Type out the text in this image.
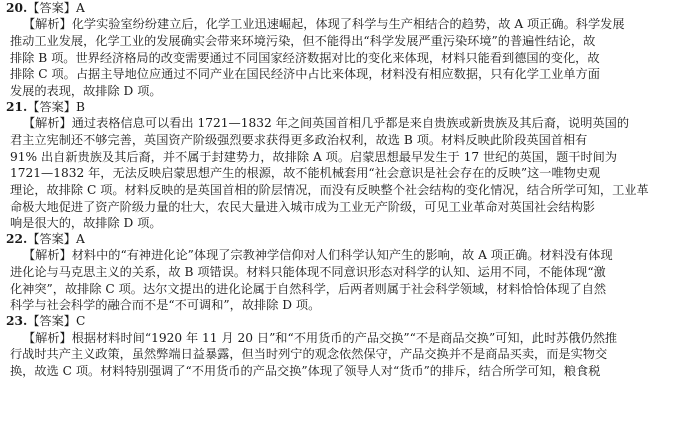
20.【答案】A
【解析】化学实验室纷纷建立后，化学工业迅速崛起，体现了科学与生产相结合的趋势，故 A 项正确。科学发展
推动工业发展，化学工业的发展确实会带来环境污染，但不能得出“科学发展严重污染环境”的普遍性结论，故
排除 B 项。世界经济格局的改变需要通过不同国家经济数据对比的变化来体现，材料只能看到德国的变化，故
排除 C 项。占据主导地位应通过不同产业在国民经济中占比来体现，材料没有相应数据，只有化学工业单方面
发展的表现，故排除 D 项。
21.【答案】B
【解析】通过表格信息可以看出 1721—1832 年之间英国首相几乎都是来自贵族或新贵族及其后裔，说明英国的
君主立宪制还不够完善，英国资产阶级强烈要求获得更多政治权利，故选 B 项。材料反映此阶段英国首相有
91% 出自新贵族及其后裔，并不属于封建势力，故排除 A 项。启蒙思想最早发生于 17 世纪的英国，题干时间为
1721—1832 年，无法反映启蒙思想产生的根源，故不能机械套用“社会意识是社会存在的反映”这一唯物史观
理论，故排除 C 项。材料反映的是英国首相的阶层情况，而没有反映整个社会结构的变化情况，结合所学可知，工业革
命极大地促进了资产阶级力量的壮大，农民大量进入城市成为工业无产阶级，可见工业革命对英国社会结构影
响是很大的，故排除 D 项。
22.【答案】A
【解析】材料中的“有神进化论”体现了宗教神学信仰对人们科学认知产生的影响，故 A 项正确。材料没有体现
进化论与马克思主义的关系，故 B 项错误。材料只能体现不同意识形态对科学的认知、运用不同，不能体现“激
化神突”，故排除 C 项。达尔文提出的进化论属于自然科学，后两者则属于社会科学领域，材料恰恰体现了自然
科学与社会科学的融合而不是“不可调和”，故排除 D 项。
23.【答案】C
【解析】根据材料时间“1920 年 11 月 20 日”和“不用货币的产品交换”“不是商品交换”可知，此时苏俄仍然推
行战时共产主义政策，虽然弊端日益暴露，但当时列宁的观念依然保守，产品交换并不是商品买卖，而是实物交
换，故选 C 项。材料特别强调了“不用货币的产品交换”体现了领导人对“货币”的排斥，结合所学可知，粮食税
